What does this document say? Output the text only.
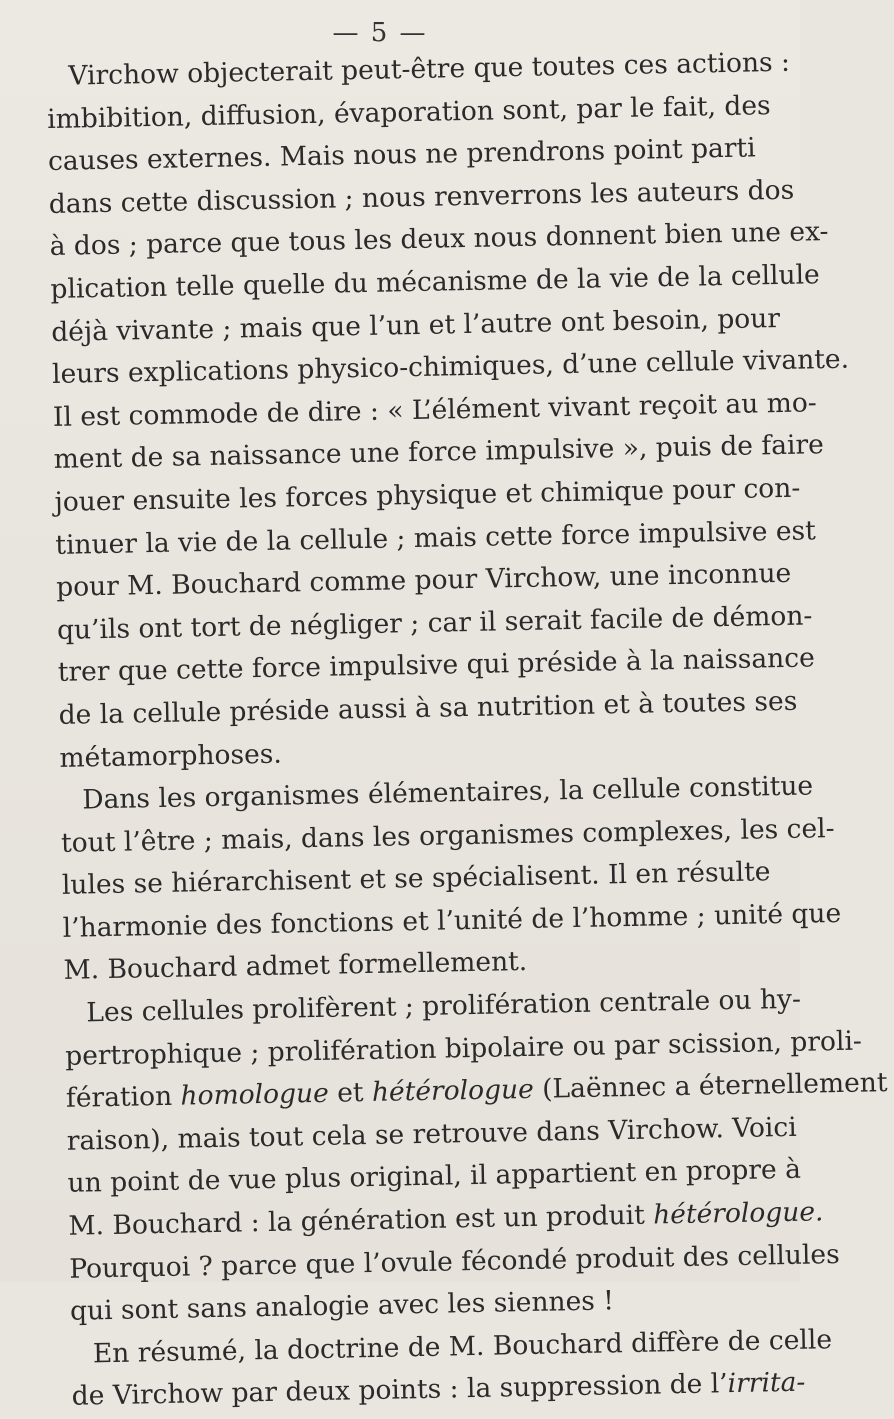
— 5 —
Virchow objecterait peut-être que toutes ces actions :
imbibition, diffusion, évaporation sont, par le fait, des
causes externes. Mais nous ne prendrons point parti
dans cette discussion ; nous renverrons les auteurs dos
à dos ; parce que tous les deux nous donnent bien une ex-
plication telle quelle du mécanisme de la vie de la cellule
déjà vivante ; mais que l’un et l’autre ont besoin, pour
leurs explications physico-chimiques, d’une cellule vivante.
Il est commode de dire : « L’élément vivant reçoit au mo-
ment de sa naissance une force impulsive », puis de faire
jouer ensuite les forces physique et chimique pour con-
tinuer la vie de la cellule ; mais cette force impulsive est
pour M. Bouchard comme pour Virchow, une inconnue
qu’ils ont tort de négliger ; car il serait facile de démon-
trer que cette force impulsive qui préside à la naissance
de la cellule préside aussi à sa nutrition et à toutes ses
métamorphoses.
Dans les organismes élémentaires, la cellule constitue
tout l’être ; mais, dans les organismes complexes, les cel-
lules se hiérarchisent et se spécialisent. Il en résulte
l’harmonie des fonctions et l’unité de l’homme ; unité que
M. Bouchard admet formellement.
Les cellules prolifèrent ; prolifération centrale ou hy-
pertrophique ; prolifération bipolaire ou par scission, proli-
fération homologue et hétérologue (Laënnec a éternellement
raison), mais tout cela se retrouve dans Virchow. Voici
un point de vue plus original, il appartient en propre à
M. Bouchard : la génération est un produit hétérologue.
Pourquoi ? parce que l’ovule fécondé produit des cellules
qui sont sans analogie avec les siennes !
En résumé, la doctrine de M. Bouchard diffère de celle
de Virchow par deux points : la suppression de l’irrita-
